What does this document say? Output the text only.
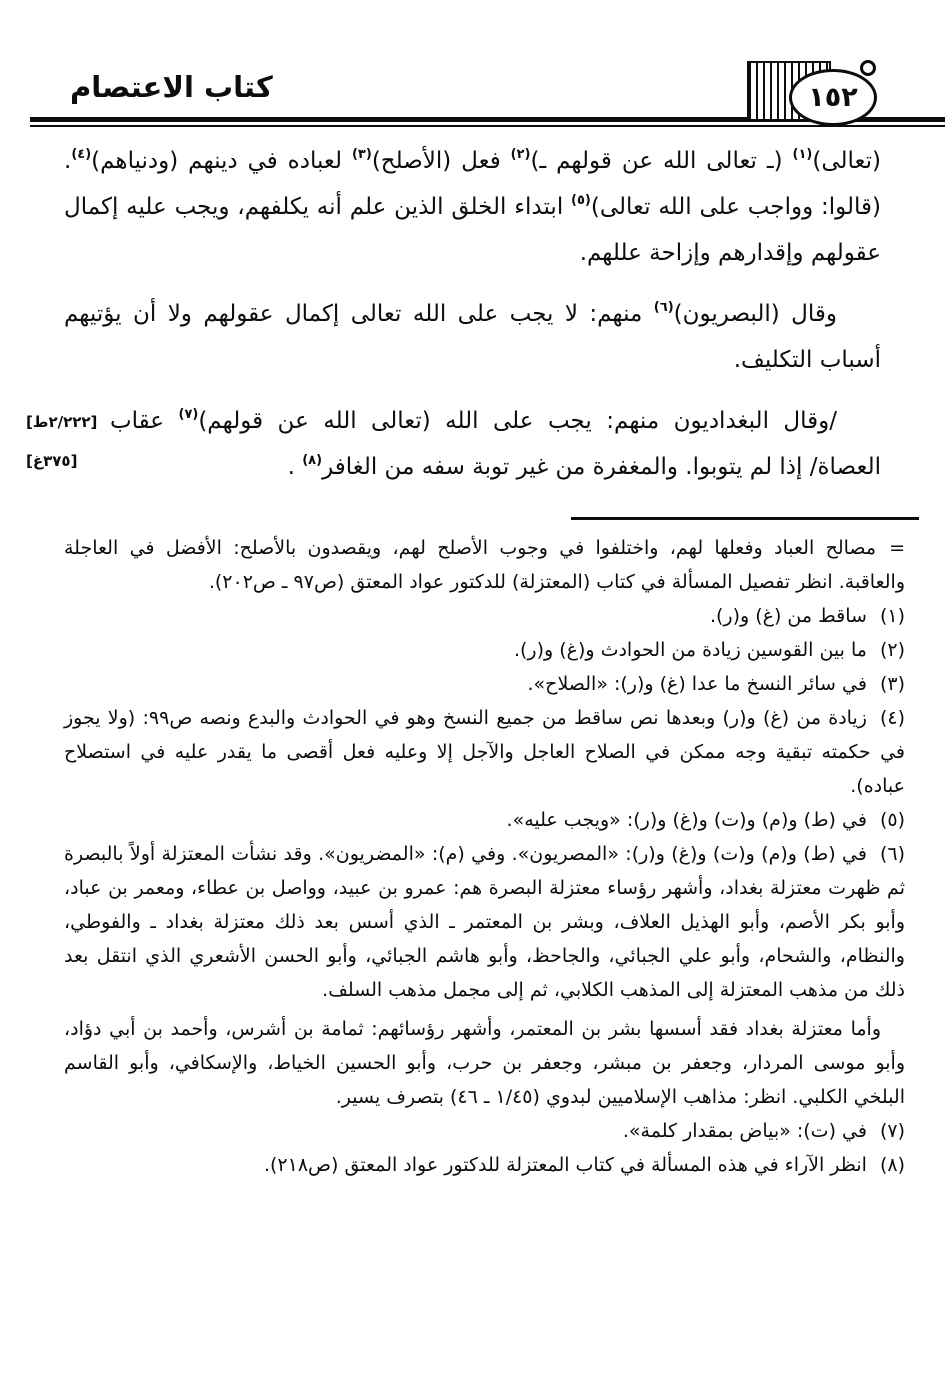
كتاب الاعتصام	١٥٢
[٢/٢٢٢ط]
[٣٧٥غ]

(تعالى)$^{(١)}$ (ـ تعالى الله عن قولهم ـ)$^{(٢)}$ فعل (الأصلح)$^{(٣)}$ لعباده في دينهم (ودنياهم)$^{(٤)}$. (قالوا: وواجب على الله تعالى)$^{(٥)}$ ابتداء الخلق الذين علم أنه يكلفهم، ويجب عليه إكمال عقولهم وإقدارهم وإزاحة عللهم.

وقال (البصريون)$^{(٦)}$ منهم: لا يجب على الله تعالى إكمال عقولهم ولا أن يؤتيهم أسباب التكليف.

/وقال البغداديون منهم: يجب على الله (تعالى الله عن قولهم)$^{(٧)}$ عقاب العصاة/ إذا لم يتوبوا. والمغفرة من غير توبة سفه من الغافر$^{(٨)}$ .

=مصالح العباد وفعلها لهم، واختلفوا في وجوب الأصلح لهم، ويقصدون بالأصلح: الأفضل في العاجلة والعاقبة. انظر تفصيل المسألة في كتاب (المعتزلة) للدكتور عواد المعتق (ص٩٧ ـ ص٢٠٢).
(١)ساقط من (غ) و(ر).
(٢)ما بين القوسين زيادة من الحوادث و(غ) و(ر).
(٣)في سائر النسخ ما عدا (غ) و(ر): «الصلاح».
(٤)زيادة من (غ) و(ر) وبعدها نص ساقط من جميع النسخ وهو في الحوادث والبدع ونصه ص٩٩: (ولا يجوز في حكمته تبقية وجه ممكن في الصلاح العاجل والآجل إلا وعليه فعل أقصى ما يقدر عليه في استصلاح عباده).
(٥)في (ط) و(م) و(ت) و(غ) و(ر): «ويجب عليه».
(٦)في (ط) و(م) و(ت) و(غ) و(ر): «المصريون». وفي (م): «المضريون». وقد نشأت المعتزلة أولاً بالبصرة ثم ظهرت معتزلة بغداد، وأشهر رؤساء معتزلة البصرة هم: عمرو بن عبيد، وواصل بن عطاء، ومعمر بن عباد، وأبو بكر الأصم، وأبو الهذيل العلاف، وبشر بن المعتمر ـ الذي أسس بعد ذلك معتزلة بغداد ـ والفوطي، والنظام، والشحام، وأبو علي الجبائي، والجاحظ، وأبو هاشم الجبائي، وأبو الحسن الأشعري الذي انتقل بعد ذلك من مذهب المعتزلة إلى المذهب الكلابي، ثم إلى مجمل مذهب السلف.
وأما معتزلة بغداد فقد أسسها بشر بن المعتمر، وأشهر رؤسائهم: ثمامة بن أشرس، وأحمد بن أبي دؤاد، وأبو موسى المردار، وجعفر بن مبشر، وجعفر بن حرب، وأبو الحسين الخياط، والإسكافي، وأبو القاسم البلخي الكلبي. انظر: مذاهب الإسلاميين لبدوي (١/٤٥ ـ ٤٦) بتصرف يسير.
(٧)في (ت): «بياض بمقدار كلمة».
(٨)انظر الآراء في هذه المسألة في كتاب المعتزلة للدكتور عواد المعتق (ص٢١٨).
